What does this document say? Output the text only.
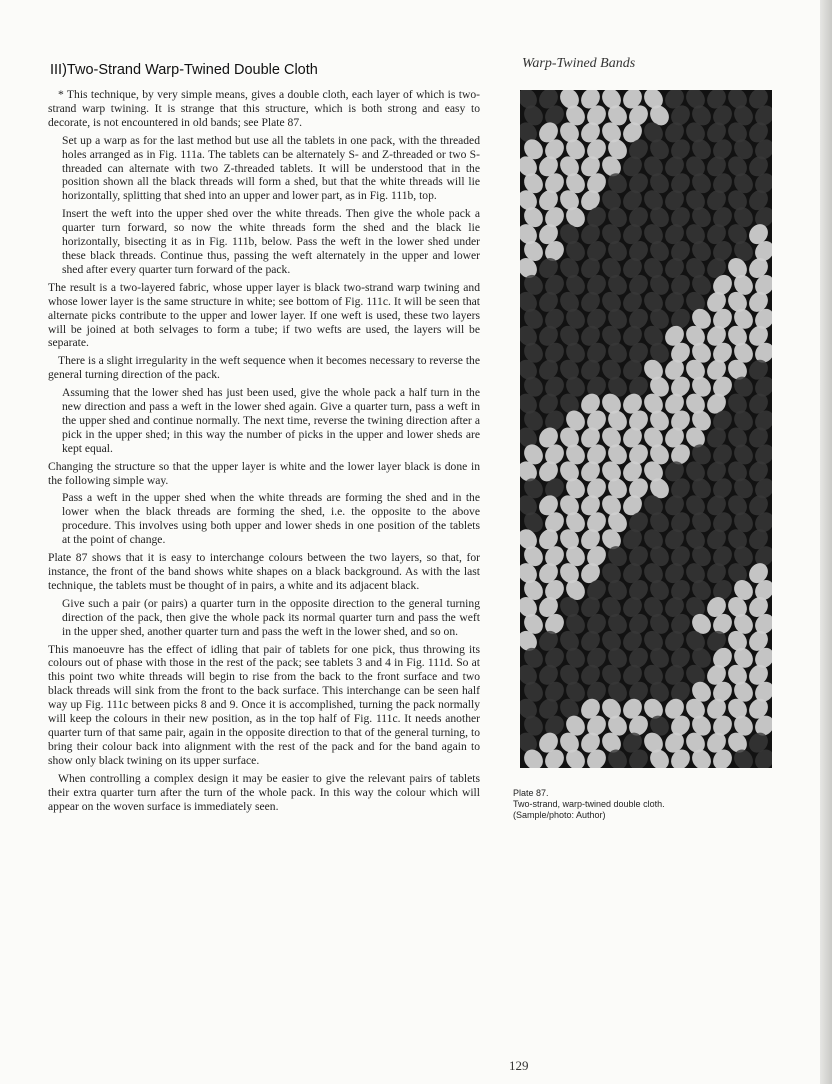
III)Two-Strand Warp-Twined Double Cloth	Warp-Twined Bands

* This technique, by very simple means, gives a double cloth, each layer of which is two-strand warp twining. It is strange that this structure, which is both strong and easy to decorate, is not encountered in old bands; see Plate 87.

Set up a warp as for the last method but use all the tablets in one pack, with the threaded holes arranged as in Fig. 111a. The tablets can be alternately S- and Z-threaded or two S-threaded can alternate with two Z-threaded tablets. It will be understood that in the position shown all the black threads will form a shed, but that the white threads will lie horizontally, splitting that shed into an upper and lower part, as in Fig. 111b, top.

Insert the weft into the upper shed over the white threads. Then give the whole pack a quarter turn forward, so now the white threads form the shed and the black lie horizontally, bisecting it as in Fig. 111b, below. Pass the weft in the lower shed under these black threads. Continue thus, passing the weft alternately in the upper and lower shed after every quarter turn forward of the pack.

The result is a two-layered fabric, whose upper layer is black two-strand warp twining and whose lower layer is the same structure in white; see bottom of Fig. 111c. It will be seen that alternate picks contribute to the upper and lower layer. If one weft is used, these two layers will be joined at both selvages to form a tube; if two wefts are used, the layers will be separate.

There is a slight irregularity in the weft sequence when it becomes necessary to reverse the general turning direction of the pack.

Assuming that the lower shed has just been used, give the whole pack a half turn in the new direction and pass a weft in the lower shed again. Give a quarter turn, pass a weft in the upper shed and continue normally. The next time, reverse the twining direction after a pick in the upper shed; in this way the number of picks in the upper and lower sheds are kept equal.

Changing the structure so that the upper layer is white and the lower layer black is done in the following simple way.

Pass a weft in the upper shed when the white threads are forming the shed and in the lower when the black threads are forming the shed, i.e. the opposite to the above procedure. This involves using both upper and lower sheds in one position of the tablets at the point of change.

Plate 87 shows that it is easy to interchange colours between the two layers, so that, for instance, the front of the band shows white shapes on a black background. As with the last technique, the tablets must be thought of in pairs, a white and its adjacent black.

Give such a pair (or pairs) a quarter turn in the opposite direction to the general turning direction of the pack, then give the whole pack its normal quarter turn and pass the weft in the upper shed, another quarter turn and pass the weft in the lower shed, and so on.

This manoeuvre has the effect of idling that pair of tablets for one pick, thus throwing its colours out of phase with those in the rest of the pack; see tablets 3 and 4 in Fig. 111d. So at this point two white threads will begin to rise from the back to the front surface and two black threads will sink from the front to the back surface. This interchange can be seen half way up Fig. 111c between picks 8 and 9. Once it is accomplished, turning the pack normally will keep the colours in their new position, as in the top half of Fig. 111c. It needs another quarter turn of that same pair, again in the opposite direction to that of the general turning, to bring their colour back into alignment with the rest of the pack and for the band again to show only black twining on its upper surface.

When controlling a complex design it may be easier to give the relevant pairs of tablets their extra quarter turn after the turn of the whole pack. In this way the colour which will appear on the woven surface is immediately seen.

Plate 87.
Two-strand, warp-twined double cloth.
(Sample/photo: Author)
129
